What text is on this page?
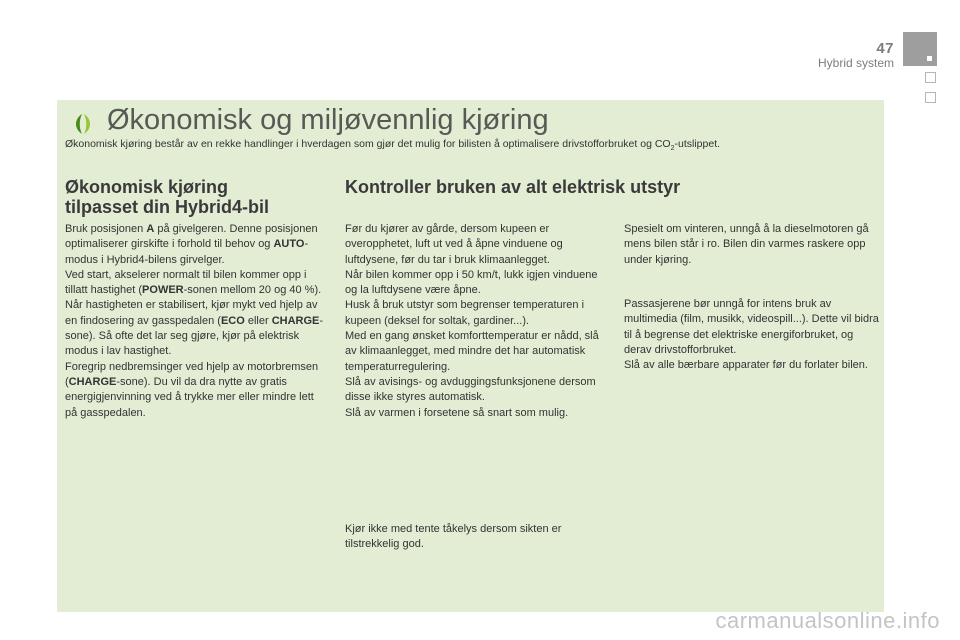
47
Hybrid system
Økonomisk og miljøvennlig kjøring
Økonomisk kjøring består av en rekke handlinger i hverdagen som gjør det mulig for bilisten å optimalisere drivstofforbruket og $CO_2$-utslippet.
Økonomisk kjøring
tilpasset din Hybrid4-bil
Kontroller bruken av alt elektrisk utstyr

Bruk posisjonen A på givelgeren. Denne posisjonen optimaliserer girskifte i forhold til behov og AUTO-modus i Hybrid4-bilens girvelger.

Ved start, akselerer normalt til bilen kommer opp i tillatt hastighet (POWER-sonen mellom 20 og 40 %).

Når hastigheten er stabilisert, kjør mykt ved hjelp av en findosering av gasspedalen (ECO eller CHARGE-sone). Så ofte det lar seg gjøre, kjør på elektrisk modus i lav hastighet.

Foregrip nedbremsinger ved hjelp av motorbremsen (CHARGE-sone). Du vil da dra nytte av gratis energigjenvinning ved å trykke mer eller mindre lett på gasspedalen.

Før du kjører av gårde, dersom kupeen er overopphetet, luft ut ved å åpne vinduene og luftdysene, før du tar i bruk klimaanlegget.

Når bilen kommer opp i 50 km/t, lukk igjen vinduene og la luftdysene være åpne.

Husk å bruk utstyr som begrenser temperaturen i kupeen (deksel for soltak, gardiner...).

Med en gang ønsket komforttemperatur er nådd, slå av klimaanlegget, med mindre det har automatisk temperaturregulering.

Slå av avisings- og avduggingsfunksjonene dersom disse ikke styres automatisk.

Slå av varmen i forsetene så snart som mulig.

Kjør ikke med tente tåkelys dersom sikten er tilstrekkelig god.

Spesielt om vinteren, unngå å la dieselmotoren gå mens bilen står i ro. Bilen din varmes raskere opp under kjøring.

Passasjerene bør unngå for intens bruk av multimedia (film, musikk, videospill...). Dette vil bidra til å begrense det elektriske energiforbruket, og derav drivstofforbruket.

Slå av alle bærbare apparater før du forlater bilen.

carmanualsonline.info
